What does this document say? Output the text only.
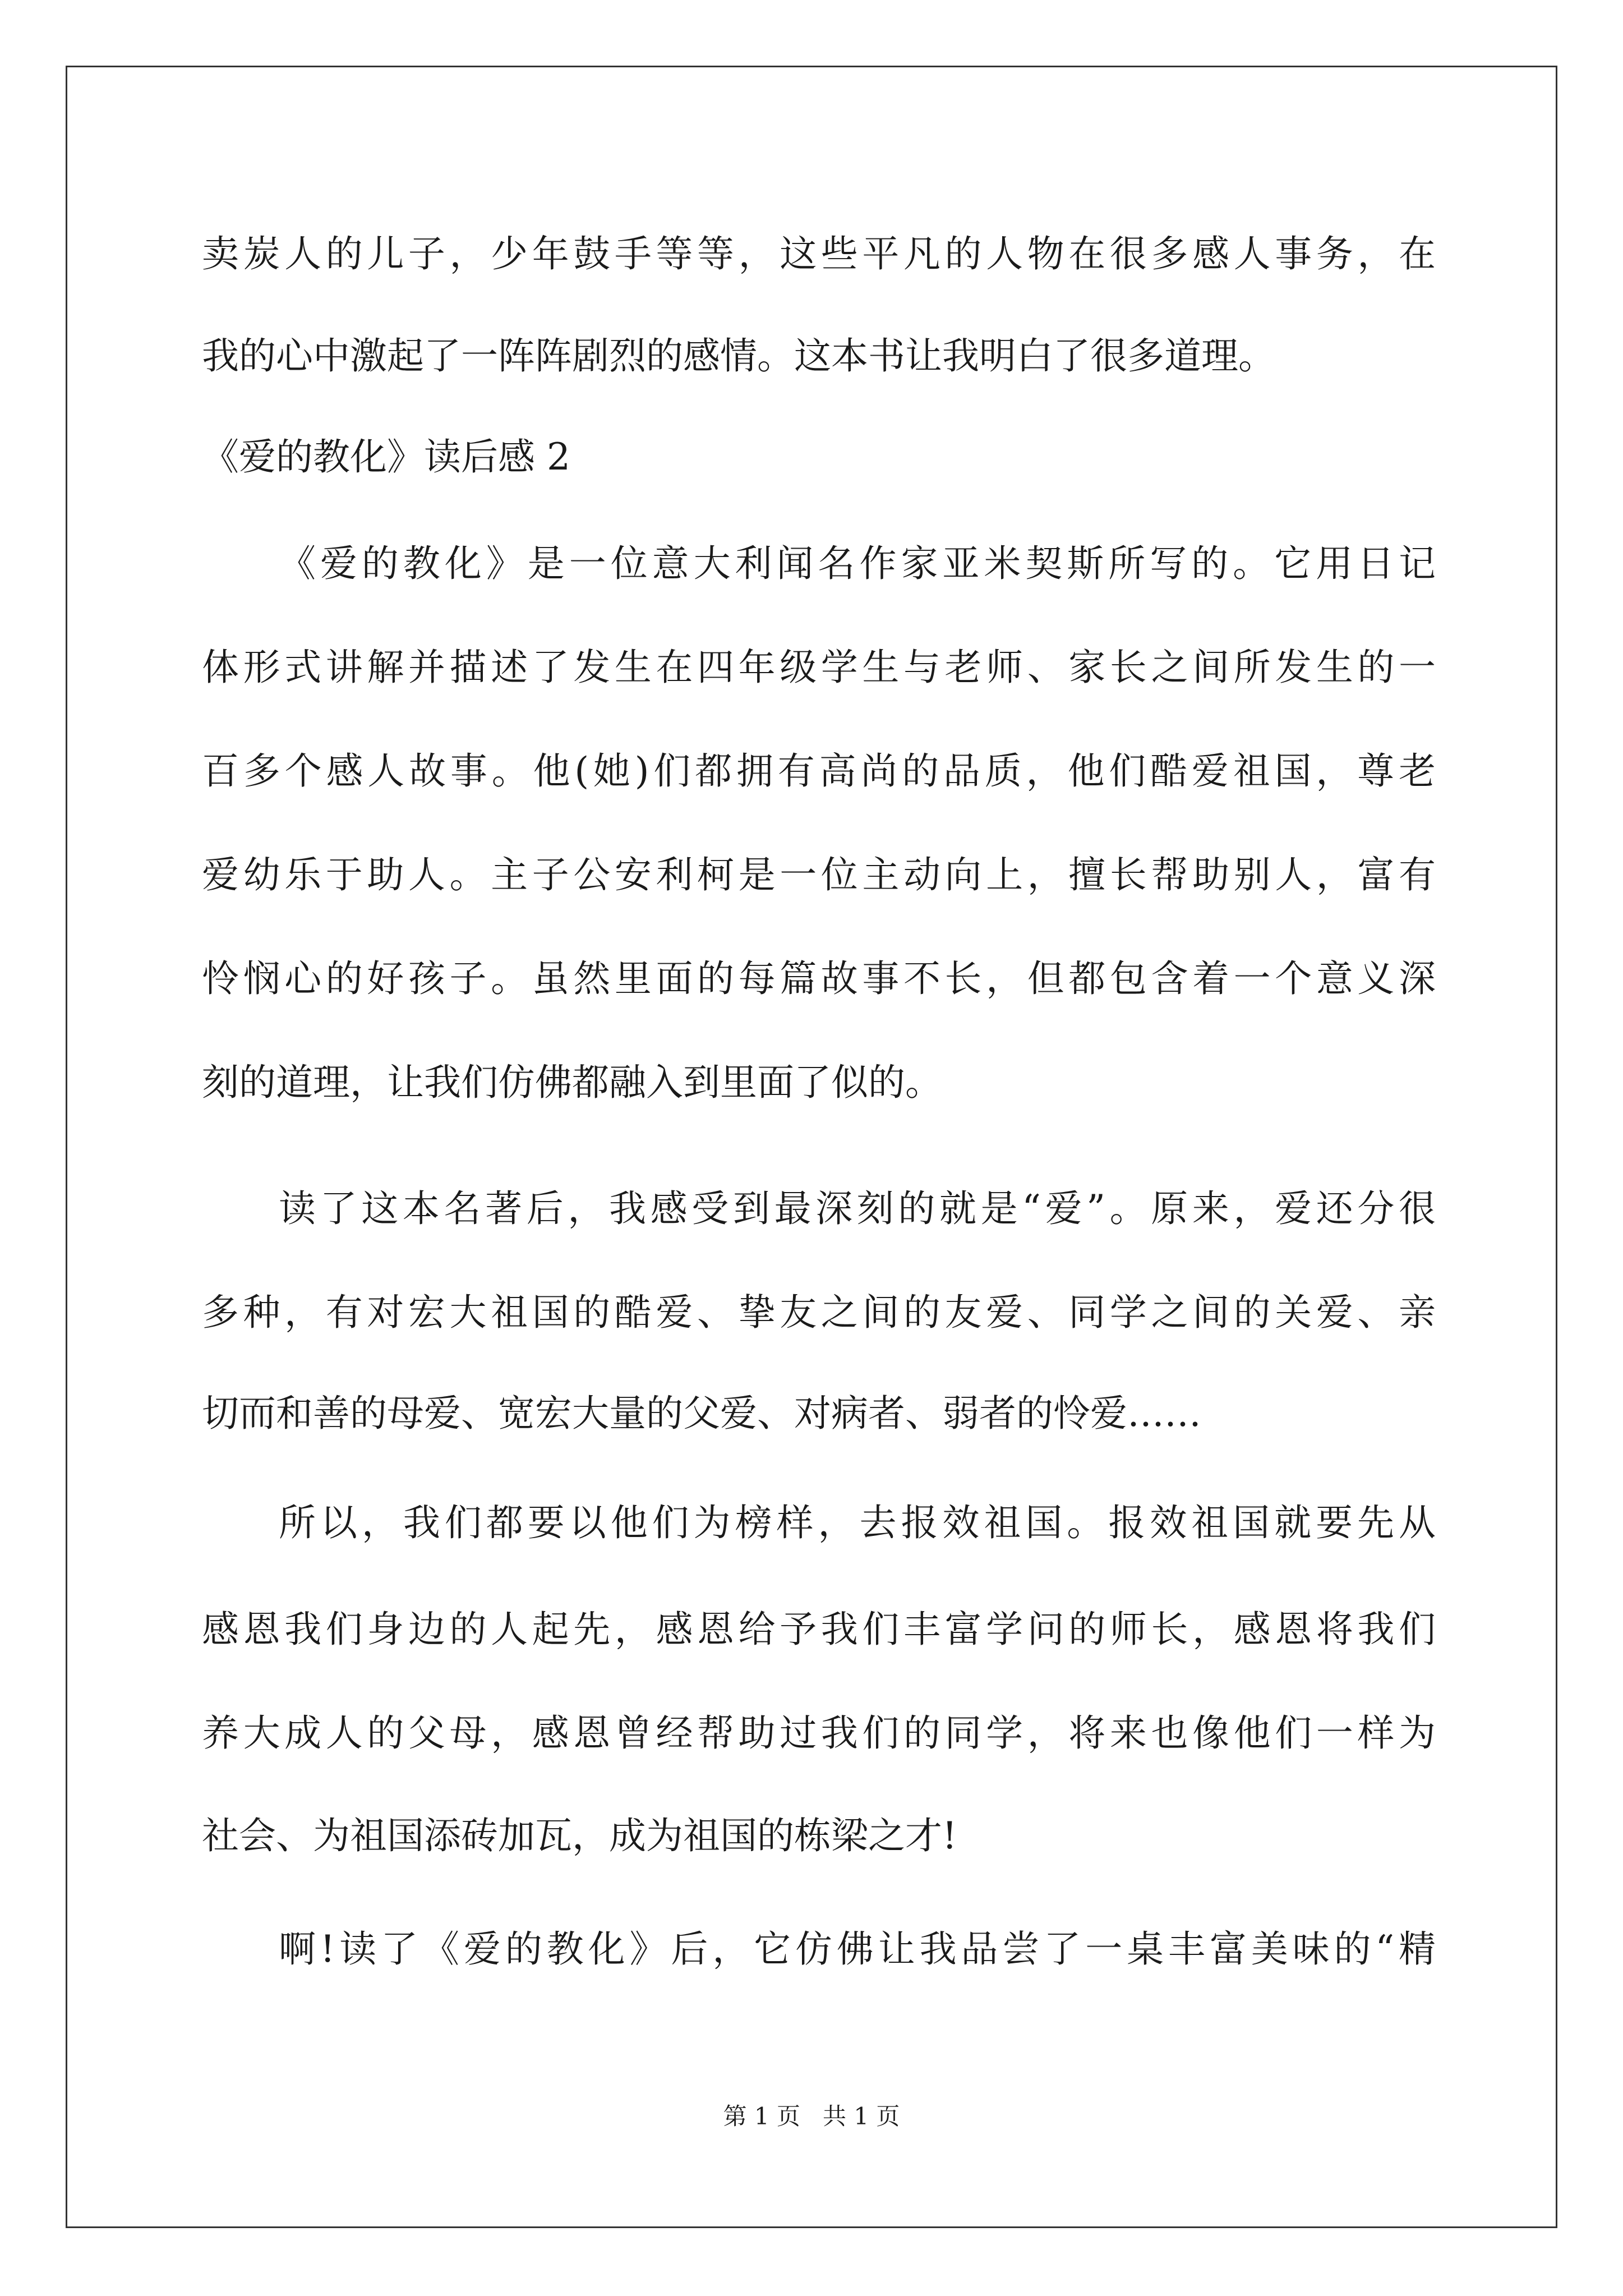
卖炭人的儿子，少年鼓手等等，这些平凡的人物在很多感人事务，在
我的心中激起了一阵阵剧烈的感情。这本书让我明白了很多道理。
《爱的教化》读后感 2
《爱的教化》是一位意大利闻名作家亚米契斯所写的。它用日记
体形式讲解并描述了发生在四年级学生与老师、家长之间所发生的一
百多个感人故事。他(她)们都拥有高尚的品质，他们酷爱祖国，尊老
爱幼乐于助人。主子公安利柯是一位主动向上，擅长帮助别人，富有
怜悯心的好孩子。虽然里面的每篇故事不长，但都包含着一个意义深
刻的道理，让我们仿佛都融入到里面了似的。
读了这本名著后，我感受到最深刻的就是“爱”。原来，爱还分很
多种，有对宏大祖国的酷爱、挚友之间的友爱、同学之间的关爱、亲
切而和善的母爱、宽宏大量的父爱、对病者、弱者的怜爱……
所以，我们都要以他们为榜样，去报效祖国。报效祖国就要先从
感恩我们身边的人起先，感恩给予我们丰富学问的师长，感恩将我们
养大成人的父母，感恩曾经帮助过我们的同学，将来也像他们一样为
社会、为祖国添砖加瓦，成为祖国的栋梁之才!
啊!读了《爱的教化》后，它仿佛让我品尝了一桌丰富美味的“精
第 1 页 共 1 页
